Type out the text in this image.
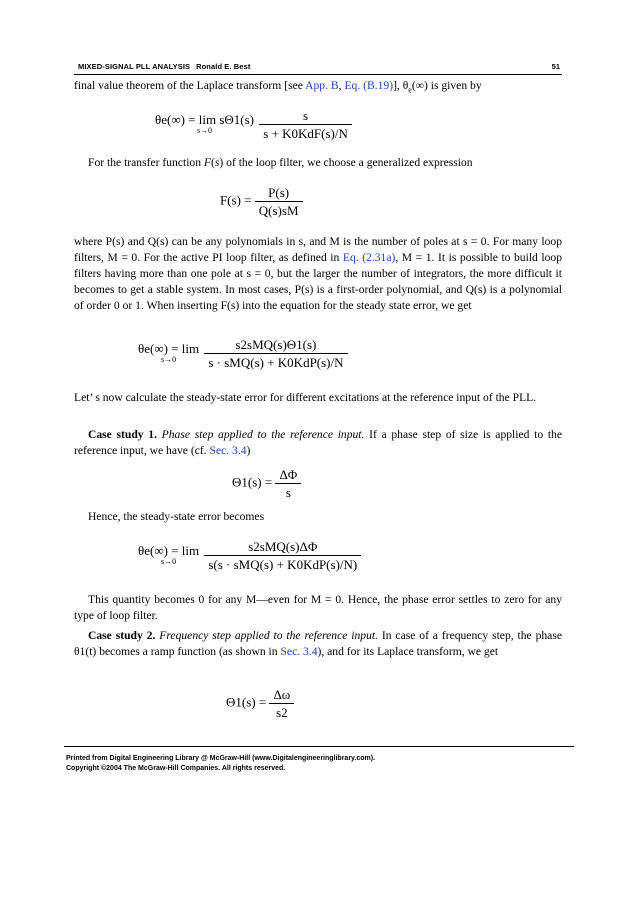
MIXED-SIGNAL PLL ANALYSIS Ronald E. Best	51

final value theorem of the Laplace transform [see App. B, Eq. (B.19)], $\theta_e(\infty)$ is given by

θe(∞) = lim sΘ1(s)
s→0
	$\frac{s}{\text{s + K0KdF(s)/N}}$

For the transfer function F(s) of the loop filter, we choose a generalized expression

$F(s) = \frac{P(s)}{Q(s)sM}$

where P(s) and Q(s) can be any polynomials in s, and M is the number of poles at s = 0. For many loop filters, M = 0. For the active PI loop filter, as defined in Eq. (2.31a), M = 1. It is possible to build loop filters having more than one pole at s = 0, but the larger the number of integrators, the more difficult it becomes to get a stable system. In most cases, P(s) is a first-order polynomial, and Q(s) is a polynomial of order 0 or 1. When inserting F(s) into the equation for the steady state error, we get

θe(∞) = lim
s→0
	$\frac{\text{s2sMQ(s)Θ1(s)}}{\text{s · sMQ(s) + K0KdP(s)/N}}$

Let’ s now calculate the steady-state error for different excitations at the reference input of the PLL.

Case study 1. Phase step applied to the reference input. If a phase step of size is applied to the reference input, we have (cf. Sec. 3.4)

$\Theta 1(s) = \frac{\Delta\Phi}{s}$

Hence, the steady-state error becomes

θe(∞) = lim
s→0
	$\frac{\text{s2sMQ(s)ΔΦ}}{\text{s(s · sMQ(s) + K0KdP(s)/N)}}$

This quantity becomes 0 for any M—even for M = 0. Hence, the phase error settles to zero for any type of loop filter.

Case study 2. Frequency step applied to the reference input. In case of a frequency step, the phase θ1(t) becomes a ramp function (as shown in Sec. 3.4), and for its Laplace transform, we get

$\Theta 1(s) = \frac{\Delta\omega}{s2}$
Printed from Digital Engineering Library @ McGraw-Hill (www.Digitalengineeringlibrary.com).
Copyright ©2004 The McGraw-Hill Companies. All rights reserved.
